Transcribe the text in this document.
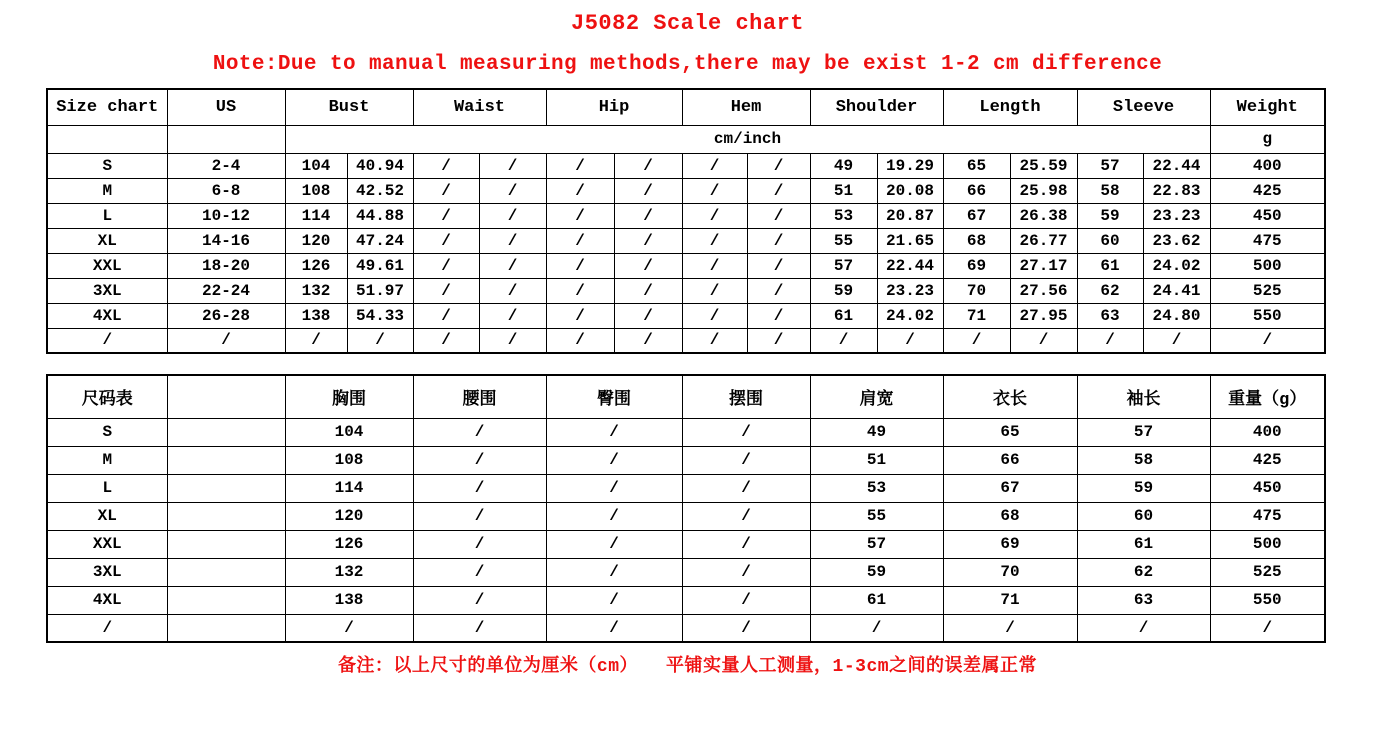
J5082 Scale chart
Note:Due to manual measuring methods,there may be exist 1-2 cm difference
Size chart	US	Bust		Waist		Hip		Hem		Shoulder		Length		Sleeve		Weight
		cm/inch														g
S	2-4	104	40.94	/	/	/	/	/	/	49	19.29	65	25.59	57	22.44	400
M	6-8	108	42.52	/	/	/	/	/	/	51	20.08	66	25.98	58	22.83	425
L	10-12	114	44.88	/	/	/	/	/	/	53	20.87	67	26.38	59	23.23	450
XL	14-16	120	47.24	/	/	/	/	/	/	55	21.65	68	26.77	60	23.62	475
XXL	18-20	126	49.61	/	/	/	/	/	/	57	22.44	69	27.17	61	24.02	500
3XL	22-24	132	51.97	/	/	/	/	/	/	59	23.23	70	27.56	62	24.41	525
4XL	26-28	138	54.33	/	/	/	/	/	/	61	24.02	71	27.95	63	24.80	550
/	/	/	/	/	/	/	/	/	/	/	/	/	/	/	/	/
尺码表		胸围	腰围	臀围	摆围	肩宽	衣长	袖长	重量（g）
S		104	/	/	/	49	65	57	400
M		108	/	/	/	51	66	58	425
L		114	/	/	/	53	67	59	450
XL		120	/	/	/	55	68	60	475
XXL		126	/	/	/	57	69	61	500
3XL		132	/	/	/	59	70	62	525
4XL		138	/	/	/	61	71	63	550
/		/	/	/	/	/	/	/	/
备注：以上尺寸的单位为厘米（cm）　　平铺实量人工测量，1-3cm之间的误差属正常
